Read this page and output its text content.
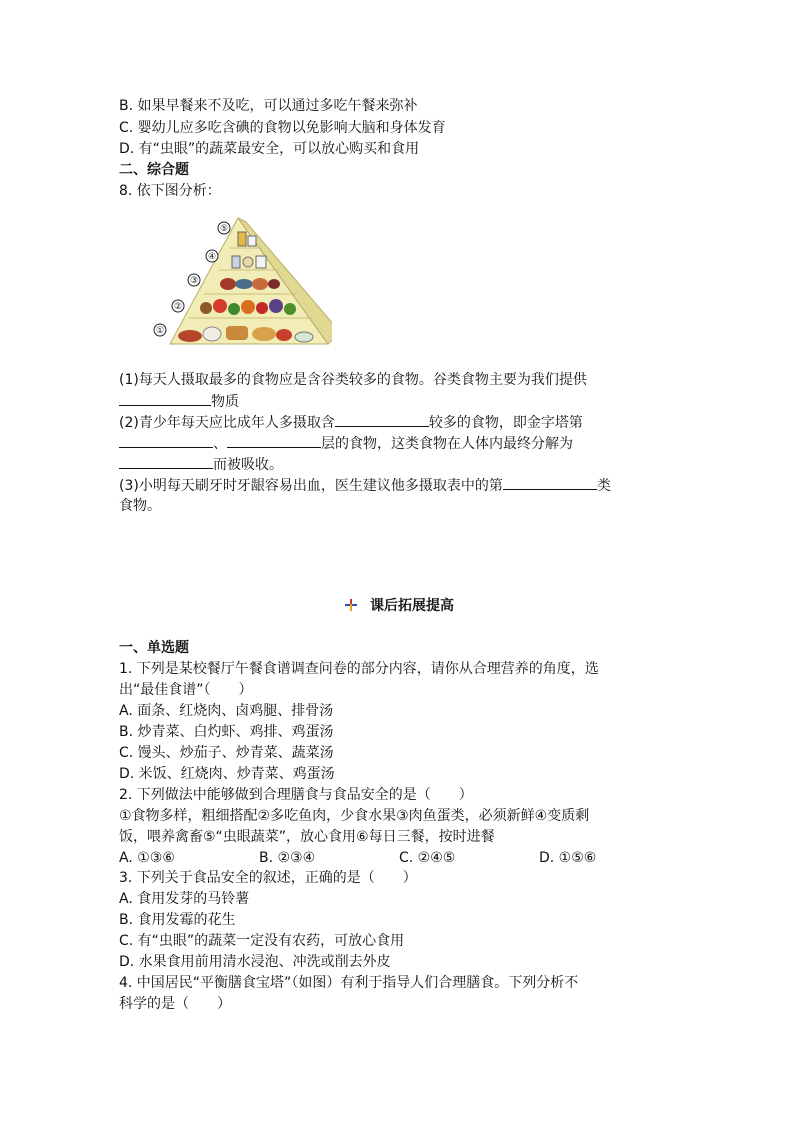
B. 如果早餐来不及吃，可以通过多吃午餐来弥补
C. 婴幼儿应多吃含碘的食物以免影响大脑和身体发育
D. 有“虫眼”的蔬菜最安全，可以放心购买和食用
二、综合题
8. 依下图分析：
⑤
④
③
②
①
(1)每天人摄取最多的食物应是含谷类较多的食物。谷类食物主要为我们提供
物质
(2)青少年每天应比成年人多摄取含	较多的食物，即金字塔第
、	层的食物，这类食物在人体内最终分解为
而被吸收。
(3)小明每天刷牙时牙龈容易出血，医生建议他多摄取表中的第	类
食物。
课后拓展提高
一、单选题
1. 下列是某校餐厅午餐食谱调查问卷的部分内容，请你从合理营养的角度，选
出“最佳食谱”（　　）
A. 面条、红烧肉、卤鸡腿、排骨汤
B. 炒青菜、白灼虾、鸡排、鸡蛋汤
C. 馒头、炒茄子、炒青菜、蔬菜汤
D. 米饭、红烧肉、炒青菜、鸡蛋汤
2. 下列做法中能够做到合理膳食与食品安全的是（　　）
①食物多样，粗细搭配②多吃鱼肉，少食水果③肉鱼蛋类，必须新鲜④变质剩
饭，喂养禽畜⑤“虫眼蔬菜”，放心食用⑥每日三餐，按时进餐
A. ①③⑥	B. ②③④	C. ②④⑤	D. ①⑤⑥
3. 下列关于食品安全的叙述，正确的是（　　）
A. 食用发芽的马铃薯
B. 食用发霉的花生
C. 有“虫眼”的蔬菜一定没有农药，可放心食用
D. 水果食用前用清水浸泡、冲洗或削去外皮
4. 中国居民“平衡膳食宝塔”（如图）有利于指导人们合理膳食。下列分析不
科学的是（　　）
